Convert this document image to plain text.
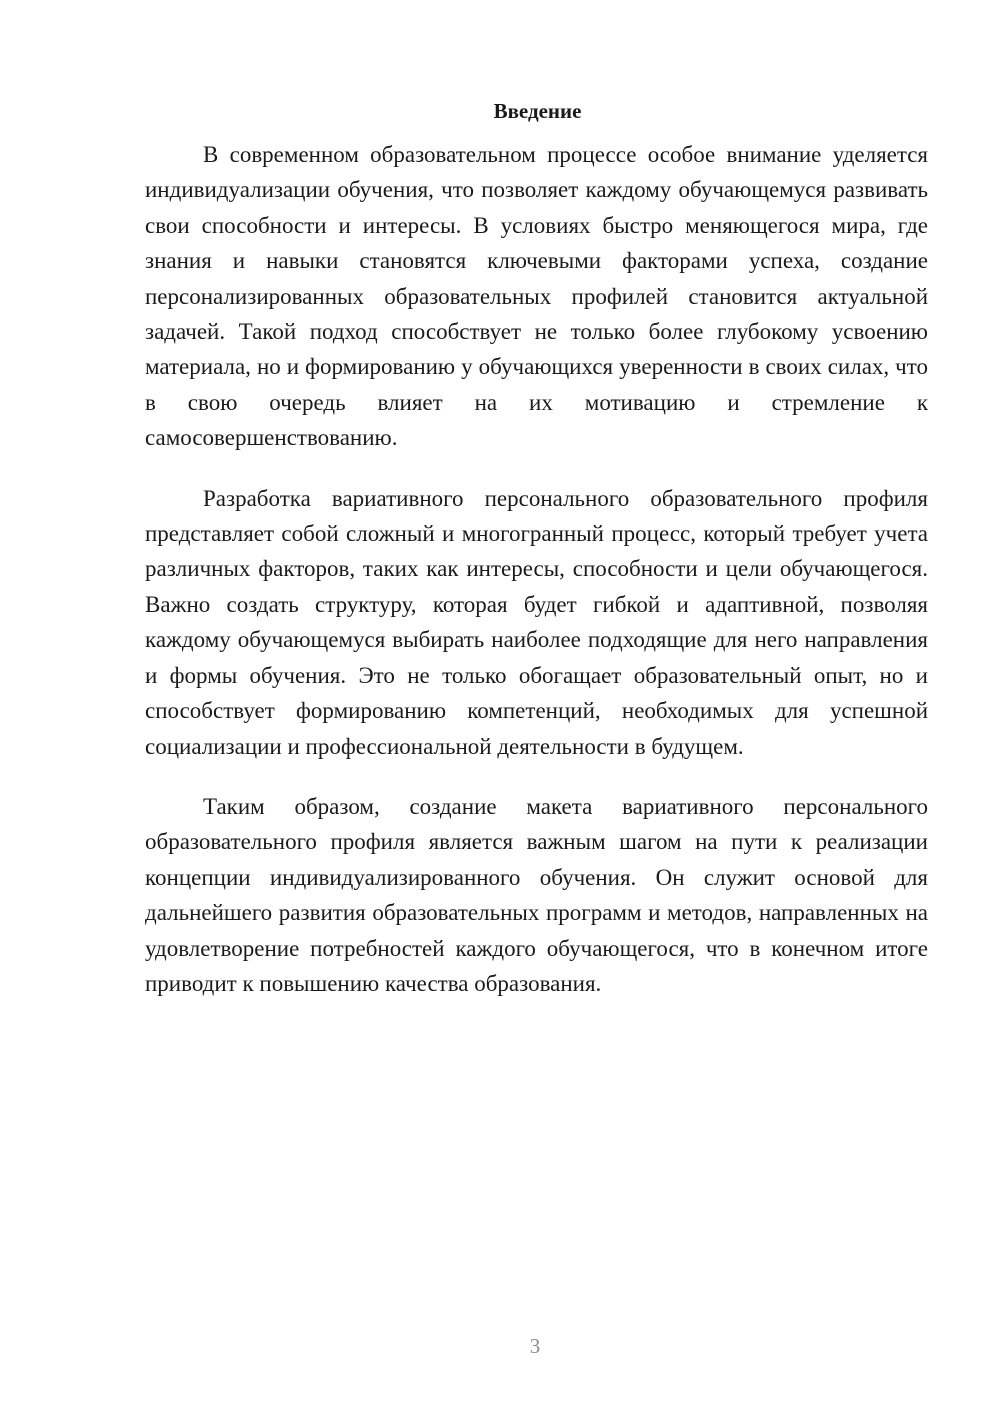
Введение

В современном образовательном процессе особое внимание уделяется индивидуализации обучения, что позволяет каждому обучающемуся развивать свои способности и интересы. В условиях быстро меняющегося мира, где знания и навыки становятся ключевыми факторами успеха, создание персонализированных образовательных профилей становится актуальной задачей. Такой подход способствует не только более глубокому усвоению материала, но и формированию у обучающихся уверенности в своих силах, что в свою очередь влияет на их мотивацию и стремление к самосовершенствованию.

Разработка вариативного персонального образовательного профиля представляет собой сложный и многогранный процесс, который требует учета различных факторов, таких как интересы, способности и цели обучающегося. Важно создать структуру, которая будет гибкой и адаптивной, позволяя каждому обучающемуся выбирать наиболее подходящие для него направления и формы обучения. Это не только обогащает образовательный опыт, но и способствует формированию компетенций, необходимых для успешной социализации и профессиональной деятельности в будущем.

Таким образом, создание макета вариативного персонального образовательного профиля является важным шагом на пути к реализации концепции индивидуализированного обучения. Он служит основой для дальнейшего развития образовательных программ и методов, направленных на удовлетворение потребностей каждого обучающегося, что в конечном итоге приводит к повышению качества образования.

3
